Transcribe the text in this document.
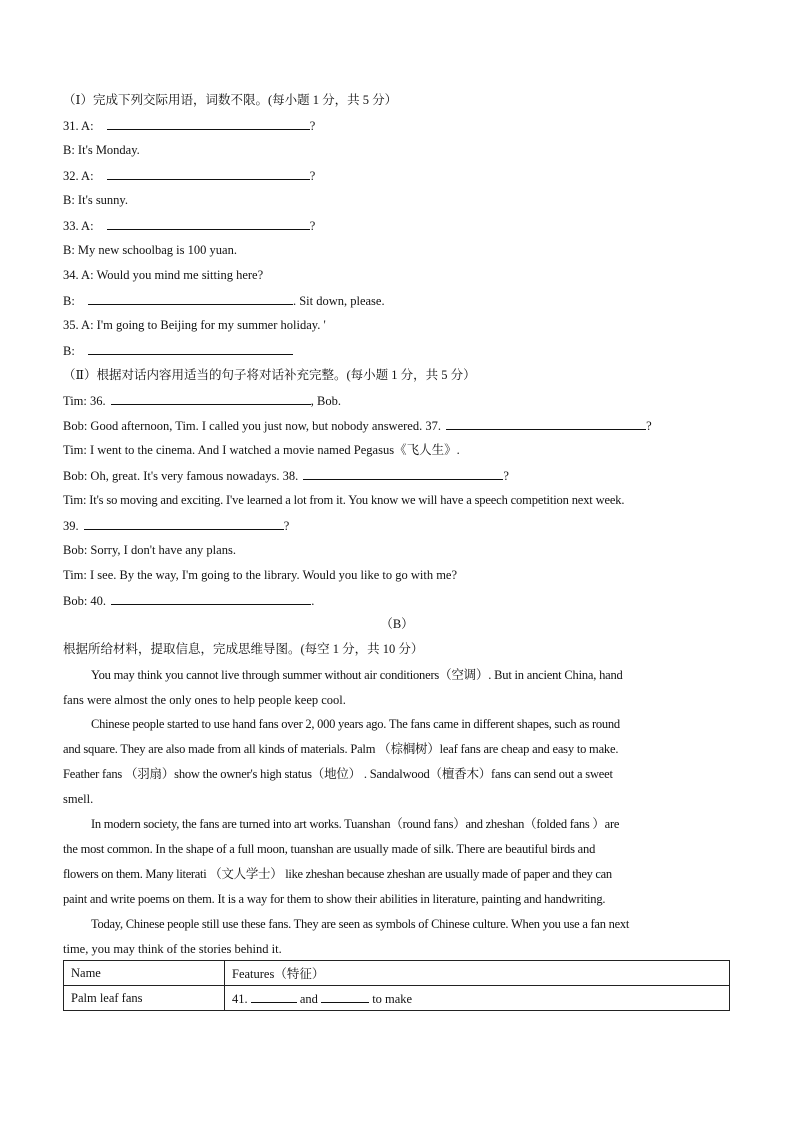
（Ⅰ）完成下列交际用语，词数不限。(每小题 1 分，共 5 分）
31. A:	?
B: It's Monday.
32. A:	?
B: It's sunny.
33. A:	?
B: My new schoolbag is 100 yuan.
34. A: Would you mind me sitting here?
B:	. Sit down, please.
35. A: I'm going to Beijing for my summer holiday. '
B:
（Ⅱ）根据对话内容用适当的句子将对话补充完整。(每小题 1 分，共 5 分）
Tim: 36.	, Bob.
Bob: Good afternoon, Tim. I called you just now, but nobody answered. 37.	?
Tim: I went to the cinema. And I watched a movie named Pegasus《飞人生》.
Bob: Oh, great. It's very famous nowadays. 38.	?
Tim: It's so moving and exciting. I've learned a lot from it. You know we will have a speech competition next week.
39.	?
Bob: Sorry, I don't have any plans.
Tim: I see. By the way, I'm going to the library. Would you like to go with me?
Bob: 40.	.
（B）
根据所给材料，提取信息，完成思维导图。(每空 1 分，共 10 分）
You may think you cannot live through summer without air conditioners（空调）. But in ancient China, hand
fans were almost the only ones to help people keep cool.
Chinese people started to use hand fans over 2, 000 years ago. The fans came in different shapes, such as round
and square. They are also made from all kinds of materials. Palm （棕榈树）leaf fans are cheap and easy to make.
Feather fans （羽扇）show the owner's high status（地位） . Sandalwood（檀香木）fans can send out a sweet
smell.
In modern society, the fans are turned into art works. Tuanshan（round fans）and zheshan（folded fans ）are
the most common. In the shape of a full moon, tuanshan are usually made of silk. There are beautiful birds and
flowers on them. Many literati （文人学士） like zheshan because zheshan are usually made of paper and they can
paint and write poems on them. It is a way for them to show their abilities in literature, painting and handwriting.
Today, Chinese people still use these fans. They are seen as symbols of Chinese culture. When you use a fan next
time, you may think of the stories behind it.
Name	Features（特征）
Palm leaf fans	41. and to make
